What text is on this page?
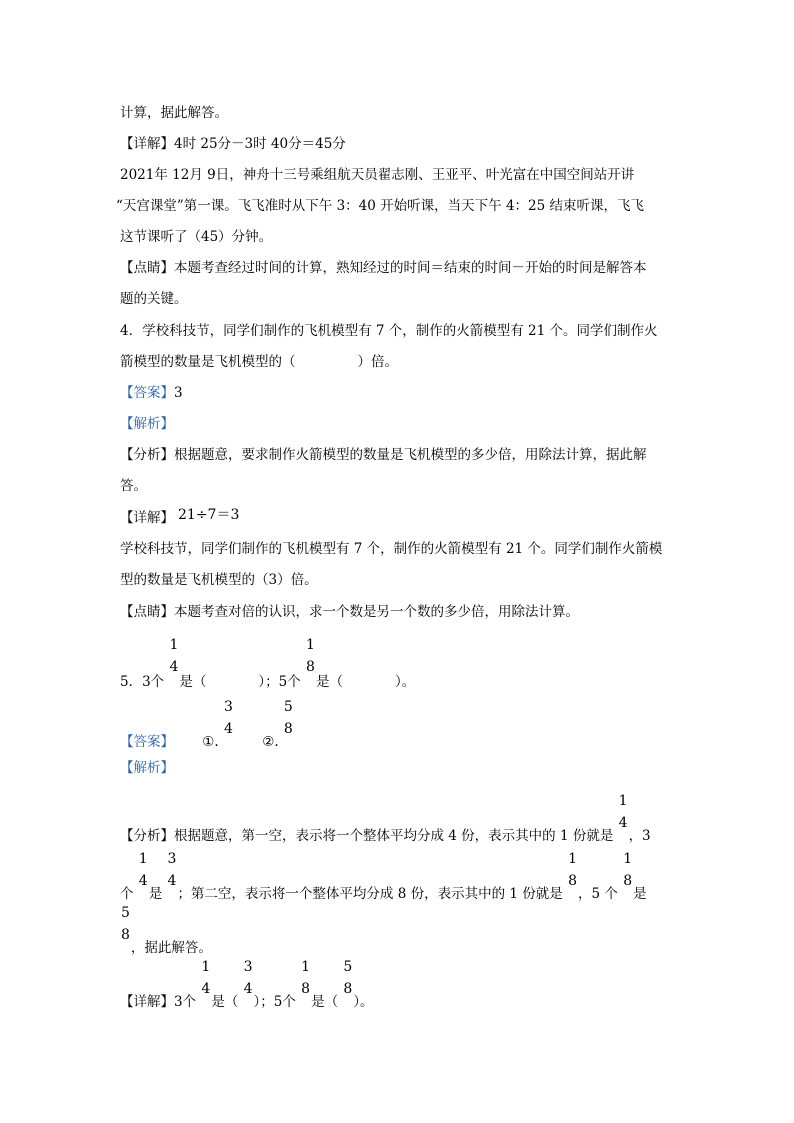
计算，据此解答。
【详解】4时 25分－3时 40分＝45分
2021年 12月 9日，神舟十三号乘组航天员翟志刚、王亚平、叶光富在中国空间站开讲
“天宫课堂”第一课。飞飞准时从下午 3：40 开始听课，当天下午 4：25 结束听课，飞飞
这节课听了（45）分钟。
【点睛】本题考查经过时间的计算，熟知经过的时间＝结束的时间－开始的时间是解答本
题的关键。
4．学校科技节，同学们制作的飞机模型有 7 个，制作的火箭模型有 21 个。同学们制作火
箭模型的数量是飞机模型的（	）倍。
【答案】3
【解析】
【分析】根据题意，要求制作火箭模型的数量是飞机模型的多少倍，用除法计算，据此解
答。
【详解】 21÷7＝3
学校科技节，同学们制作的飞机模型有 7 个，制作的火箭模型有 21 个。同学们制作火箭模
型的数量是飞机模型的（3）倍。
【点睛】本题考查对倍的认识，求一个数是另一个数的多少倍，用除法计算。
5．3个
1
4
是（	）；5个
1
8
是（	）。
【答案】 ①.
3
4
②.
5
8
【解析】
【分析】根据题意，第一空，表示将一个整体平均分成 4 份，表示其中的 1 份就是
1
4
，3
个
1
4
是
3
4
；第二空，表示将一个整体平均分成 8 份，表示其中的 1 份就是
1
8
，5 个
1
8
是
5
8
，据此解答。
【详解】3个
1
4
是（
3
4
）；5个
1
8
是（
5
8
）。
